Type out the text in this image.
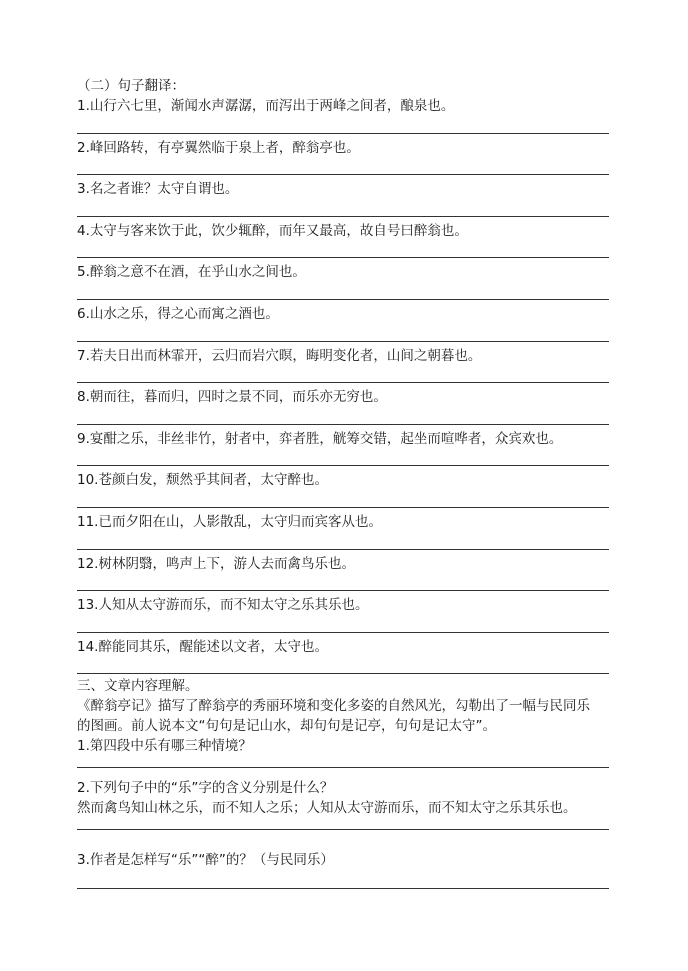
（二）句子翻译：
1.山行六七里，渐闻水声潺潺，而泻出于两峰之间者，酿泉也。
2.峰回路转，有亭翼然临于泉上者，醉翁亭也。
3.名之者谁？太守自谓也。
4.太守与客来饮于此，饮少辄醉，而年又最高，故自号曰醉翁也。
5.醉翁之意不在酒，在乎山水之间也。
6.山水之乐，得之心而寓之酒也。
7.若夫日出而林霏开，云归而岩穴暝，晦明变化者，山间之朝暮也。
8.朝而往，暮而归，四时之景不同，而乐亦无穷也。
9.宴酣之乐，非丝非竹，射者中，弈者胜，觥筹交错，起坐而喧哗者，众宾欢也。
10.苍颜白发，颓然乎其间者，太守醉也。
11.已而夕阳在山，人影散乱，太守归而宾客从也。
12.树林阴翳，鸣声上下，游人去而禽鸟乐也。
13.人知从太守游而乐，而不知太守之乐其乐也。
14.醉能同其乐，醒能述以文者，太守也。
三、文章内容理解。
《醉翁亭记》描写了醉翁亭的秀丽环境和变化多姿的自然风光，勾勒出了一幅与民同乐
的图画。前人说本文“句句是记山水，却句句是记亭，句句是记太守”。
1.第四段中乐有哪三种情境？
2.下列句子中的“乐”字的含义分别是什么？
然而禽鸟知山林之乐，而不知人之乐；人知从太守游而乐，而不知太守之乐其乐也。
3.作者是怎样写“乐”“醉”的？（与民同乐）
